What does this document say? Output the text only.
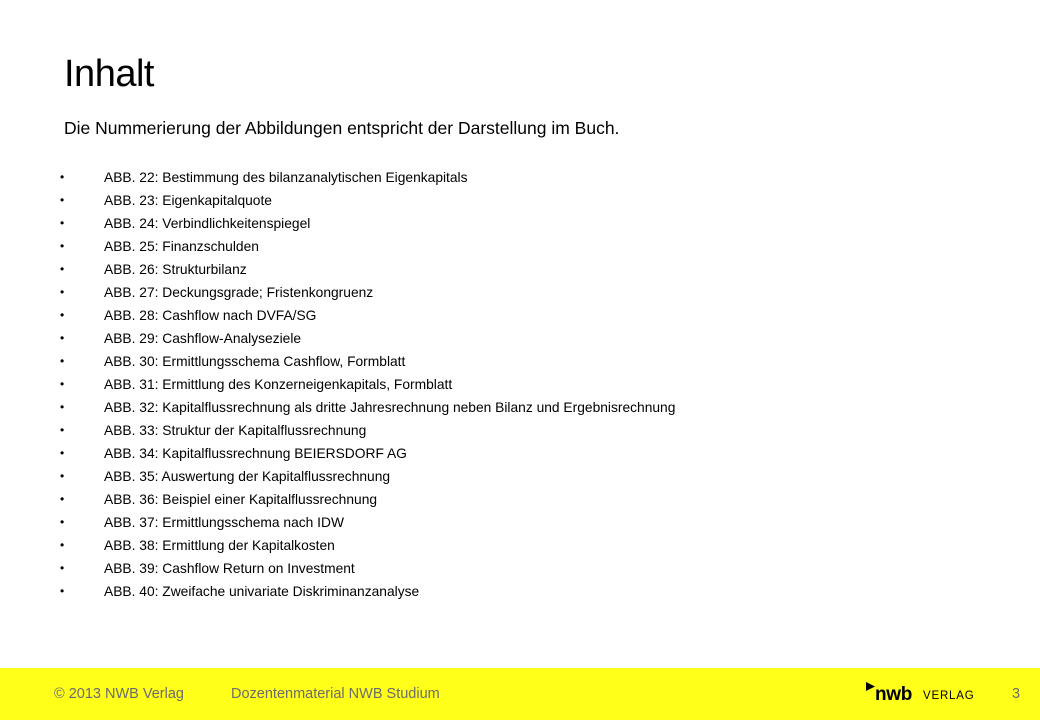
Inhalt
Die Nummerierung der Abbildungen entspricht der Darstellung im Buch.
•	ABB. 22: Bestimmung des bilanzanalytischen Eigenkapitals
•	ABB. 23: Eigenkapitalquote
•	ABB. 24: Verbindlichkeitenspiegel
•	ABB. 25: Finanzschulden
•	ABB. 26: Strukturbilanz
•	ABB. 27: Deckungsgrade; Fristenkongruenz
•	ABB. 28: Cashflow nach DVFA/SG
•	ABB. 29: Cashflow-Analyseziele
•	ABB. 30: Ermittlungsschema Cashflow, Formblatt
•	ABB. 31: Ermittlung des Konzerneigenkapitals, Formblatt
•	ABB. 32: Kapitalflussrechnung als dritte Jahresrechnung neben Bilanz und Ergebnisrechnung
•	ABB. 33: Struktur der Kapitalflussrechnung
•	ABB. 34: Kapitalflussrechnung BEIERSDORF AG
•	ABB. 35: Auswertung der Kapitalflussrechnung
•	ABB. 36: Beispiel einer Kapitalflussrechnung
•	ABB. 37: Ermittlungsschema nach IDW
•	ABB. 38: Ermittlung der Kapitalkosten
•	ABB. 39: Cashflow Return on Investment
•	ABB. 40: Zweifache univariate Diskriminanzanalyse
© 2013 NWB Verlag	Dozentenmaterial NWB Studium	nwb VERLAG	3
